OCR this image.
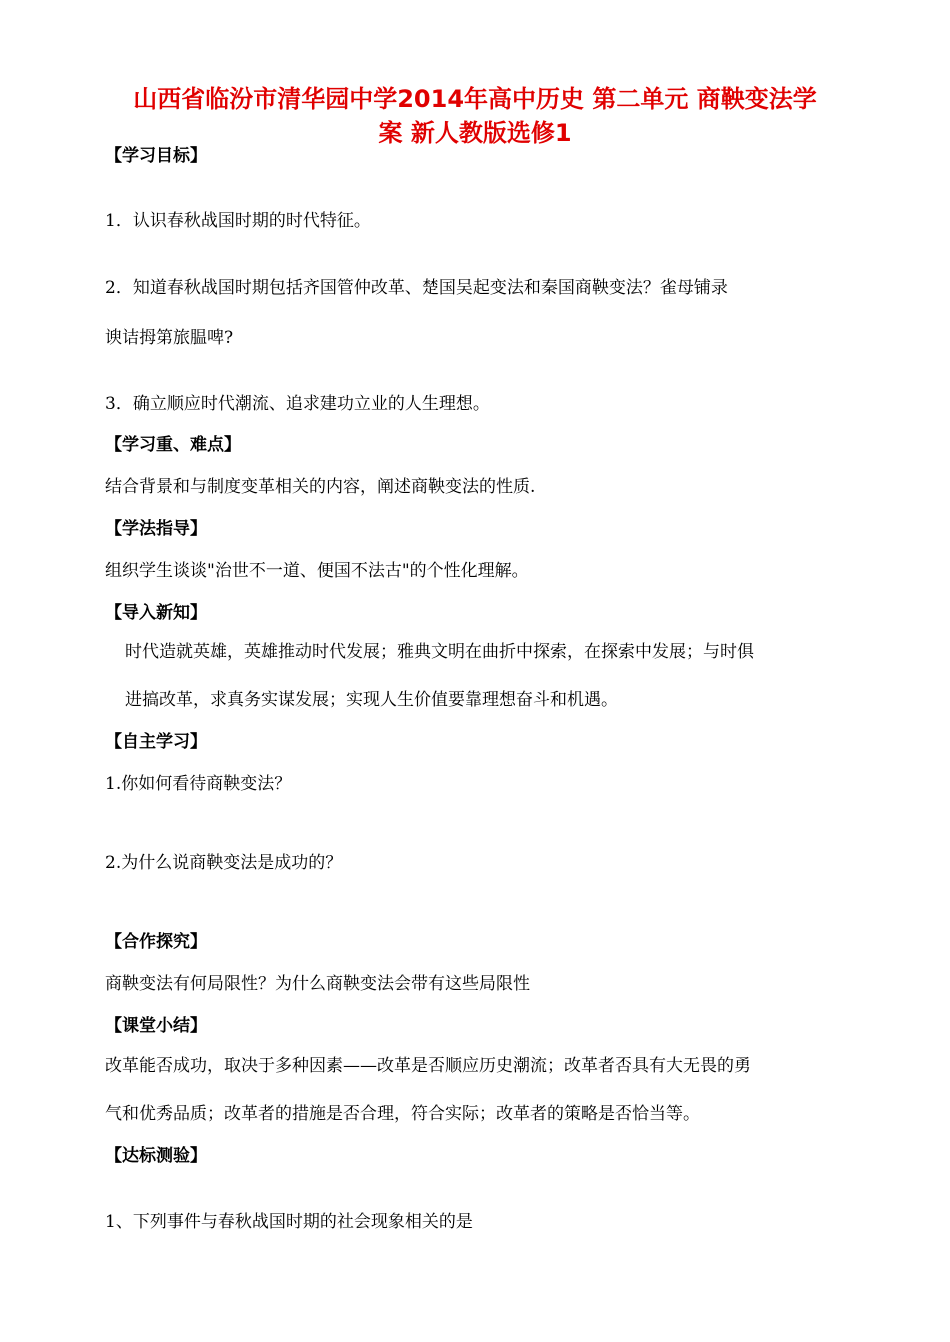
山西省临汾市清华园中学2014年高中历史 第二单元 商鞅变法学
案 新人教版选修1
【学习目标】
1．认识春秋战国时期的时代特征。
2．知道春秋战国时期包括齐国管仲改革、楚国吴起变法和秦国商鞅变法？雀母铺录
谀诘拇第旅腽啤?
3．确立顺应时代潮流、追求建功立业的人生理想。
【学习重、难点】
结合背景和与制度变革相关的内容，阐述商鞅变法的性质.
【学法指导】
组织学生谈谈"治世不一道、便国不法古"的个性化理解。
【导入新知】
时代造就英雄，英雄推动时代发展；雅典文明在曲折中探索，在探索中发展；与时俱
进搞改革，求真务实谋发展；实现人生价值要靠理想奋斗和机遇。
【自主学习】
1.你如何看待商鞅变法？
2.为什么说商鞅变法是成功的？
【合作探究】
商鞅变法有何局限性？为什么商鞅变法会带有这些局限性
【课堂小结】
改革能否成功，取决于多种因素——改革是否顺应历史潮流；改革者否具有大无畏的勇
气和优秀品质；改革者的措施是否合理，符合实际；改革者的策略是否恰当等。
【达标测验】
1、下列事件与春秋战国时期的社会现象相关的是
